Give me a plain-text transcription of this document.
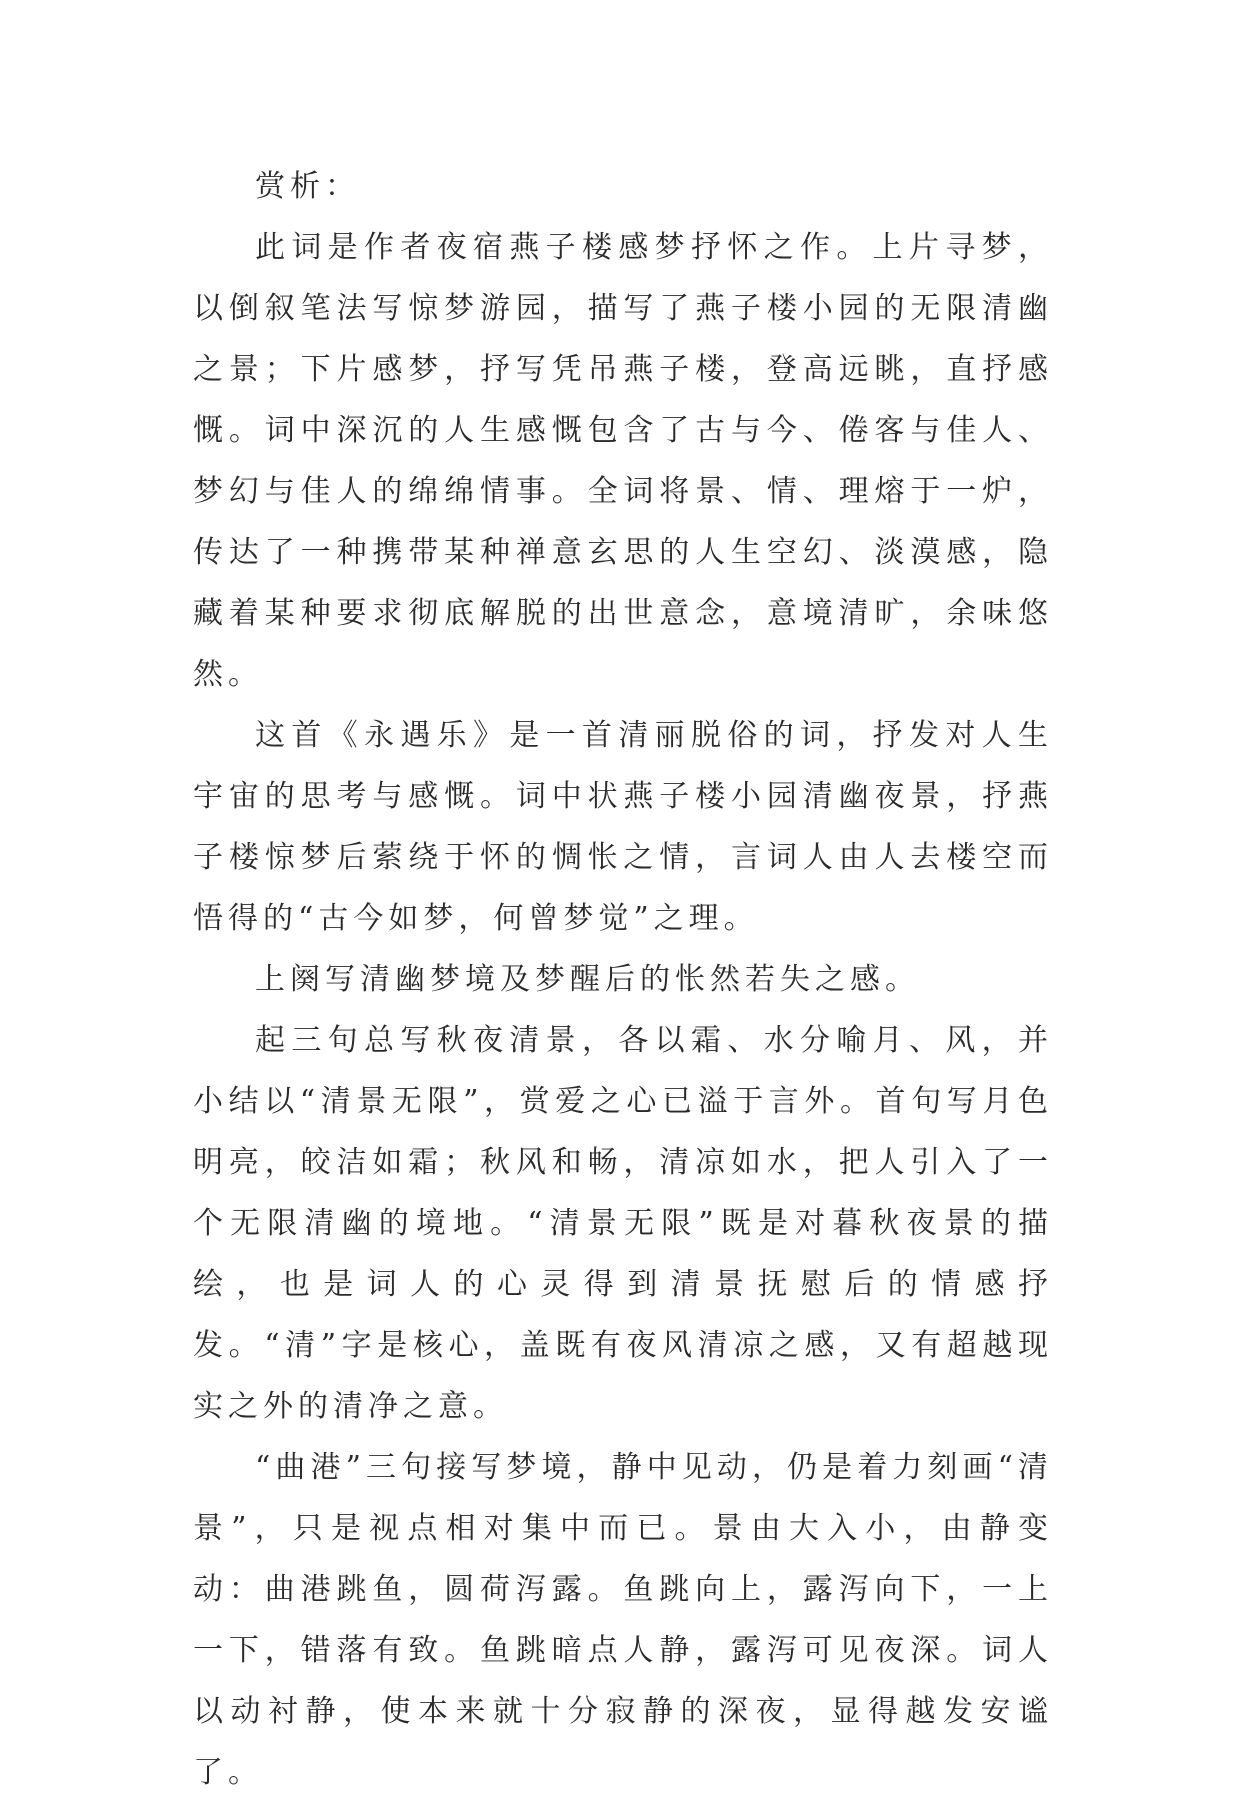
赏析：

此词是作者夜宿燕子楼感梦抒怀之作。上片寻梦，以倒叙笔法写惊梦游园，描写了燕子楼小园的无限清幽之景；下片感梦，抒写凭吊燕子楼，登高远眺，直抒感慨。词中深沉的人生感慨包含了古与今、倦客与佳人、梦幻与佳人的绵绵情事。全词将景、情、理熔于一炉，传达了一种携带某种禅意玄思的人生空幻、淡漠感，隐藏着某种要求彻底解脱的出世意念，意境清旷，余味悠然。

这首《永遇乐》是一首清丽脱俗的词，抒发对人生宇宙的思考与感慨。词中状燕子楼小园清幽夜景，抒燕子楼惊梦后萦绕于怀的惆怅之情，言词人由人去楼空而悟得的“古今如梦，何曾梦觉”之理。

上阕写清幽梦境及梦醒后的怅然若失之感。

起三句总写秋夜清景，各以霜、水分喻月、风，并小结以“清景无限”，赏爱之心已溢于言外。首句写月色明亮，皎洁如霜；秋风和畅，清凉如水，把人引入了一个无限清幽的境地。“清景无限”既是对暮秋夜景的描绘，也是词人的心灵得到清景抚慰后的情感抒发。“清”字是核心，盖既有夜风清凉之感，又有超越现实之外的清净之意。

“曲港”三句接写梦境，静中见动，仍是着力刻画“清景”，只是视点相对集中而已。景由大入小，由静变动：曲港跳鱼，圆荷泻露。鱼跳向上，露泻向下，一上一下，错落有致。鱼跳暗点人静，露泻可见夜深。词人以动衬静，使本来就十分寂静的深夜，显得越发安谧了。
